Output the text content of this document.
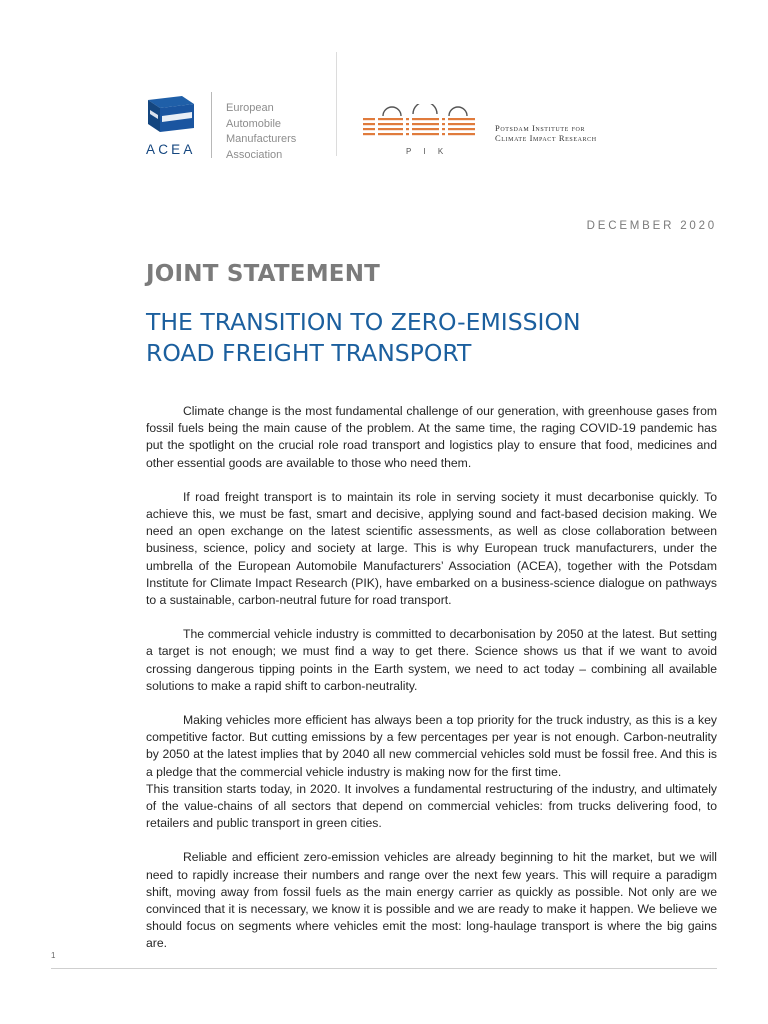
ACEA
European
Automobile
Manufacturers
Association	P I K
Potsdam Institute for
Climate Impact Research
DECEMBER 2020
JOINT STATEMENT
THE TRANSITION TO ZERO-EMISSION
ROAD FREIGHT TRANSPORT

Climate change is the most fundamental challenge of our generation, with greenhouse gases from fossil fuels being the main cause of the problem. At the same time, the raging COVID-19 pandemic has put the spotlight on the crucial role road transport and logistics play to ensure that food, medicines and other essential goods are available to those who need them.

If road freight transport is to maintain its role in serving society it must decarbonise quickly. To achieve this, we must be fast, smart and decisive, applying sound and fact-based decision making. We need an open exchange on the latest scientific assessments, as well as close collaboration between business, science, policy and society at large. This is why European truck manufacturers, under the umbrella of the European Automobile Manufacturers’ Association (ACEA), together with the Potsdam Institute for Climate Impact Research (PIK), have embarked on a business-science dialogue on pathways to a sustainable, carbon-neutral future for road transport.

The commercial vehicle industry is committed to decarbonisation by 2050 at the latest. But setting a target is not enough; we must find a way to get there. Science shows us that if we want to avoid crossing dangerous tipping points in the Earth system, we need to act today – combining all available solutions to make a rapid shift to carbon-neutrality.

Making vehicles more efficient has always been a top priority for the truck industry, as this is a key competitive factor. But cutting emissions by a few percentages per year is not enough. Carbon-neutrality by 2050 at the latest implies that by 2040 all new commercial vehicles sold must be fossil free. And this is a pledge that the commercial vehicle industry is making now for the first time.

This transition starts today, in 2020. It involves a fundamental restructuring of the industry, and ultimately of the value-chains of all sectors that depend on commercial vehicles: from trucks delivering food, to retailers and public transport in green cities.

Reliable and efficient zero-emission vehicles are already beginning to hit the market, but we will need to rapidly increase their numbers and range over the next few years. This will require a paradigm shift, moving away from fossil fuels as the main energy carrier as quickly as possible. Not only are we convinced that it is necessary, we know it is possible and we are ready to make it happen. We believe we should focus on segments where vehicles emit the most: long-haulage transport is where the big gains are.

1
